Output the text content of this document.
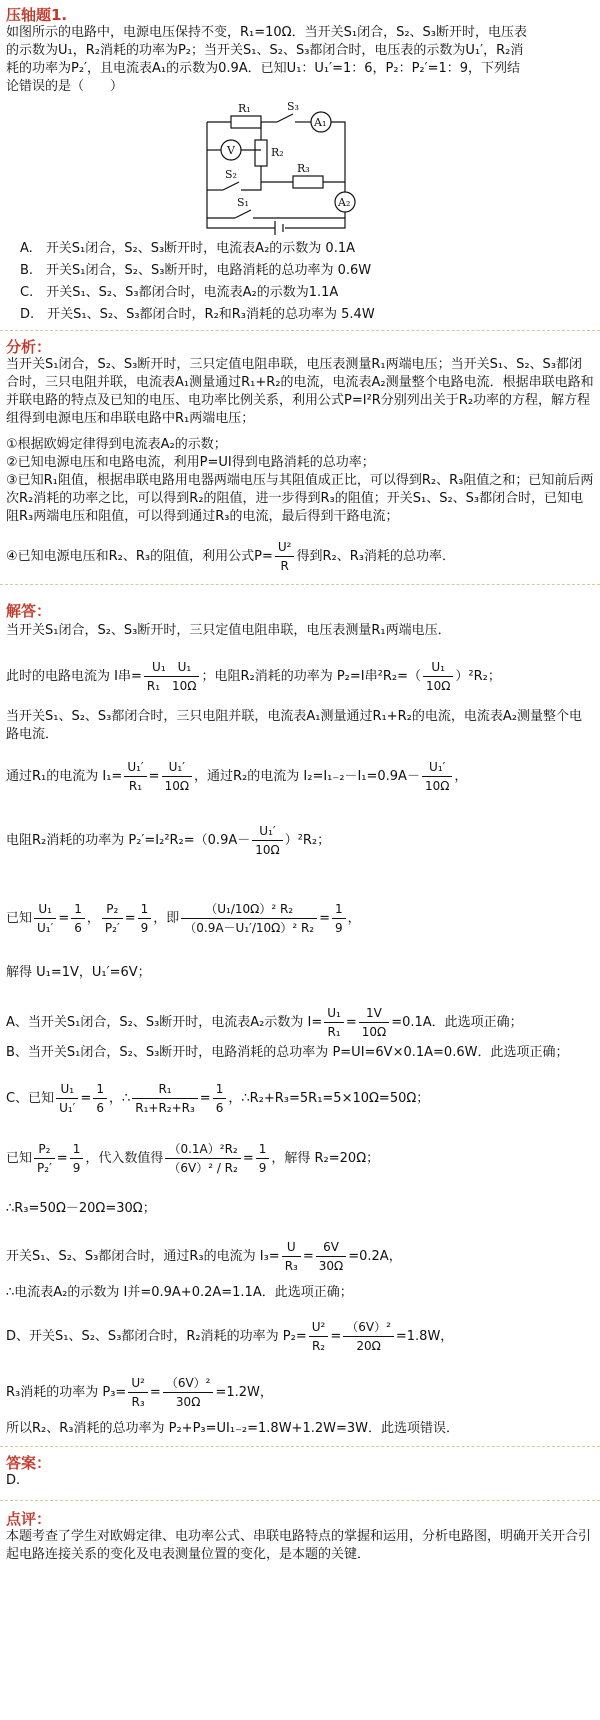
压轴题1.
如图所示的电路中，电源电压保持不变，R₁=10Ω．当开关S₁闭合，S₂、S₃断开时，电压表
的示数为U₁，R₂消耗的功率为P₂；当开关S₁、S₂、S₃都闭合时，电压表的示数为U₁′，R₂消
耗的功率为P₂′，且电流表A₁的示数为0.9A．已知U₁：U₁′=1：6，P₂：P₂′=1：9，下列结
论错误的是（　　）
R₁	S₃
A₁
V	R₂
R₃
S₂
S₁	A₂
A.　开关S₁闭合，S₂、S₃断开时，电流表A₂的示数为 0.1A
B.　开关S₁闭合，S₂、S₃断开时，电路消耗的总功率为 0.6W
C.　开关S₁、S₂、S₃都闭合时，电流表A₂的示数为1.1A
D.　开关S₁、S₂、S₃都闭合时，R₂和R₃消耗的总功率为 5.4W
分析：
当开关S₁闭合，S₂、S₃断开时，三只定值电阻串联，电压表测量R₁两端电压；当开关S₁、S₂、S₃都闭合时，三只电阻并联，电流表A₁测量通过R₁+R₂的电流，电流表A₂测量整个电路电流．根据串联电路和并联电路的特点及已知的电压、电功率比例关系，利用公式P=I²R分别列出关于R₂功率的方程，解方程组得到电源电压和串联电路中R₁两端电压；
①根据欧姆定律得到电流表A₂的示数；
②已知电源电压和电路电流，利用P=UI得到电路消耗的总功率；
③已知R₁阻值，根据串联电路用电器两端电压与其阻值成正比，可以得到R₂、R₃阻值之和；已知前后两次R₂消耗的功率之比，可以得到R₂的阻值，进一步得到R₃的阻值；开关S₁、S₂、S₃都闭合时，已知电阻R₃两端电压和阻值，可以得到通过R₃的电流，最后得到干路电流；
④已知电源电压和R₂、R₃的阻值，利用公式$P= \frac{\text{U²}}{R}$ 得到R₂、R₃消耗的总功率．
解答：
当开关S₁闭合，S₂、S₃断开时，三只定值电阻串联，电压表测量R₁两端电压．
此时的电路电流为 I串= $\frac{\text{U₁　U₁}}{\text{R₁　10Ω}}$ ；电阻R₂消耗的功率为 P₂=I串$^2R_2=( \frac{\text{U₁}}{10\Omega} )^2R_2$；
当开关S₁、S₂、S₃都闭合时，三只电阻并联，电流表A₁测量通过R₁+R₂的电流，电流表A₂测量整个电路电流．
通过R₁的电流为 $I_1= \frac{\text{U₁′}}{\text{R₁}} = \frac{\text{U₁′}}{10\Omega}$ ，通过R₂的电流为 $I_2=I_{1-2}-I_1=0.9A- \frac{\text{U₁′}}{10\Omega}$ ，
电阻R₂消耗的功率为 $P_2'=I_2^2R_2=(0.9A- \frac{\text{U₁′}}{10\Omega} )^2R_2$；
已知 $\frac{\text{U₁}}{\text{U₁′}} = \frac{1}{6}$ ， $\frac{\text{P₂}}{\text{P₂′}} = \frac{1}{9}$ ，即 $\frac{\text{（U₁/10Ω）² R₂}}{\text{（0.9A－U₁′/10Ω）² R₂}} = \frac{1}{9}$ ，
解得 U₁=1V，U₁′=6V；
A、当开关S₁闭合，S₂、S₃断开时，电流表A₂示数为 $I= \frac{\text{U₁}}{\text{R₁}} = \frac{1V}{10\Omega} =0.1A$．此选项正确；
B、当开关S₁闭合，S₂、S₃断开时，电路消耗的总功率为 P=UI=6V×0.1A=0.6W．此选项正确；
C、已知 $\frac{\text{U₁}}{\text{U₁′}} = \frac{1}{6}$ ，∴ $\frac{\text{R₁}}{\text{R₁+R₂+R₃}} = \frac{1}{6}$ ，∴R₂+R₃=5R₁=5×10Ω=50Ω；
已知 $\frac{\text{P₂}}{\text{P₂′}} = \frac{1}{9}$ ，代入数值得 $\frac{\text{（0.1A）²R₂}}{\text{（6V）² / R₂}} = \frac{1}{9}$ ，解得 R₂=20Ω；
∴R₃=50Ω－20Ω=30Ω；
开关S₁、S₂、S₃都闭合时，通过R₃的电流为 $I_3= \frac{U}{\text{R₃}} = \frac{6V}{30\Omega} =0.2A$，
∴电流表A₂的示数为 I并=0.9A+0.2A=1.1A．此选项正确；
D、开关S₁、S₂、S₃都闭合时，R₂消耗的功率为 $P_2= \frac{\text{U²}}{\text{R₂}} = \frac{\text{（6V）²}}{20\Omega} =1.8W$，
R₃消耗的功率为 $P_3= \frac{\text{U²}}{\text{R₃}} = \frac{\text{（6V）²}}{30\Omega} =1.2W$，
所以R₂、R₃消耗的总功率为 P₂+P₃=UI₁₋₂=1.8W+1.2W=3W．此选项错误．
答案：
D.
点评：
本题考查了学生对欧姆定律、电功率公式、串联电路特点的掌握和运用，分析电路图，明确开关开合引起电路连接关系的变化及电表测量位置的变化，是本题的关键．
